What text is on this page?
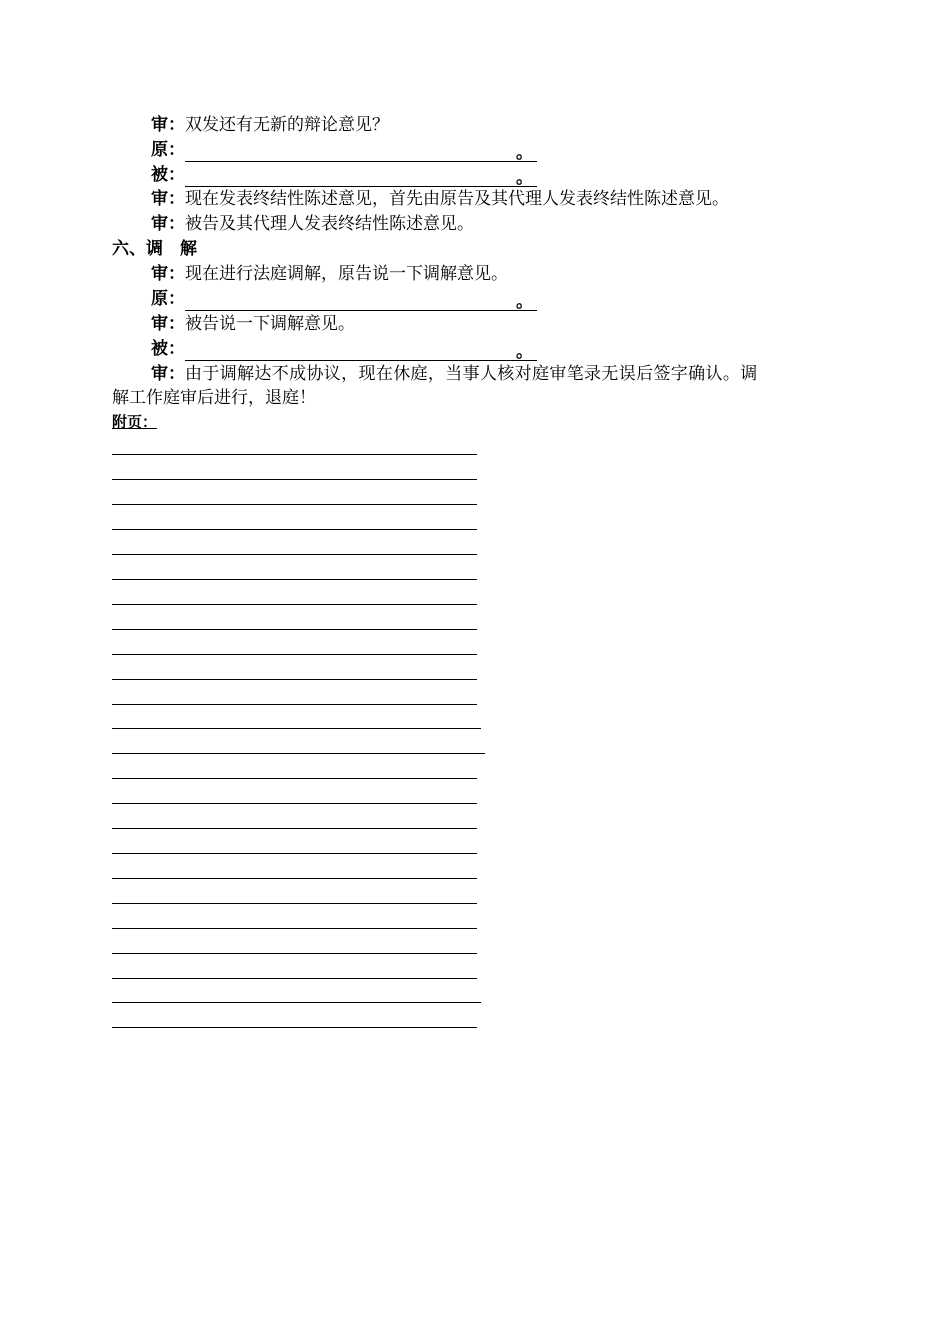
审：双发还有无新的辩论意见？
原：	。
被：	。
审：现在发表终结性陈述意见，首先由原告及其代理人发表终结性陈述意见。
审：被告及其代理人发表终结性陈述意见。
六、调　解
审：现在进行法庭调解，原告说一下调解意见。
原：	。
审：被告说一下调解意见。
被：	。
审：由于调解达不成协议，现在休庭，当事人核对庭审笔录无误后签字确认。调
解工作庭审后进行，退庭！
附页：
